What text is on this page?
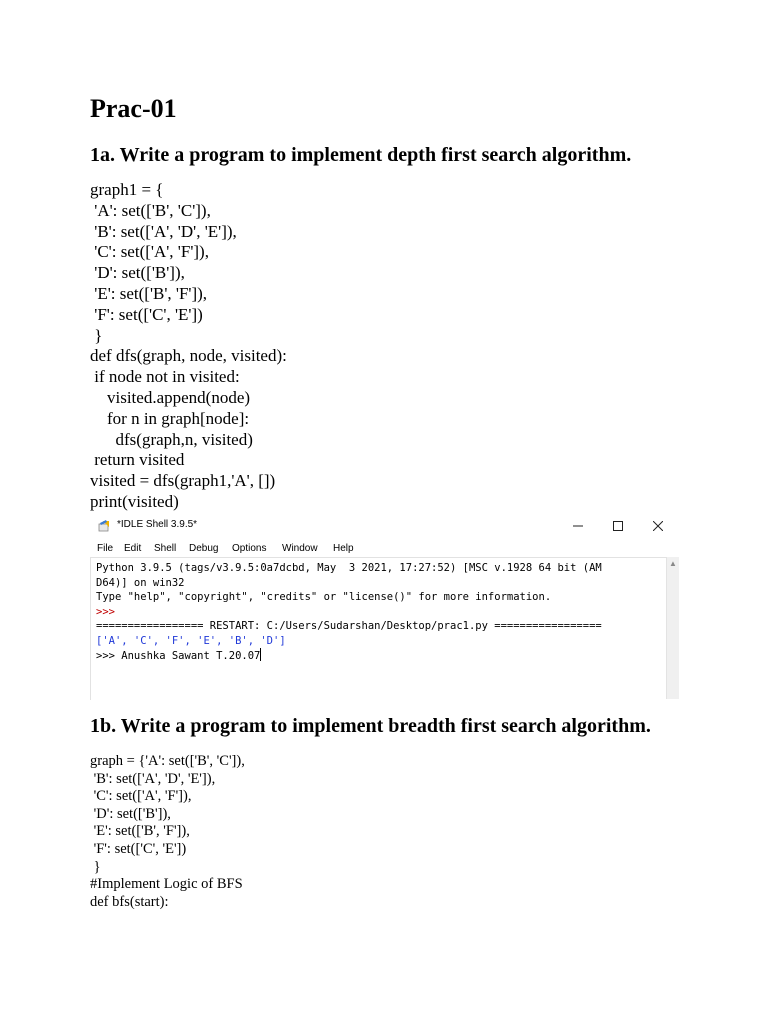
Prac-01
1a. Write a program to implement depth first search algorithm.
graph1 = {
'A': set(['B', 'C']),
'B': set(['A', 'D', 'E']),
'C': set(['A', 'F']),
'D': set(['B']),
'E': set(['B', 'F']),
'F': set(['C', 'E'])
}
def dfs(graph, node, visited):
if node not in visited:
visited.append(node)
for n in graph[node]:
dfs(graph,n, visited)
return visited
visited = dfs(graph1,'A', [])
print(visited)
*IDLE Shell 3.9.5*
File Edit Shell Debug Options Window Help
Python 3.9.5 (tags/v3.9.5:0a7dcbd, May  3 2021, 17:27:52) [MSC v.1928 64 bit (AM
D64)] on win32
Type "help", "copyright", "credits" or "license()" for more information.
>>>
================= RESTART: C:/Users/Sudarshan/Desktop/prac1.py =================
['A', 'C', 'F', 'E', 'B', 'D']
>>> Anushka Sawant T.20.07
▲
1b. Write a program to implement breadth first search algorithm.
graph = {'A': set(['B', 'C']),
'B': set(['A', 'D', 'E']),
'C': set(['A', 'F']),
'D': set(['B']),
'E': set(['B', 'F']),
'F': set(['C', 'E'])
}
#Implement Logic of BFS
def bfs(start):
